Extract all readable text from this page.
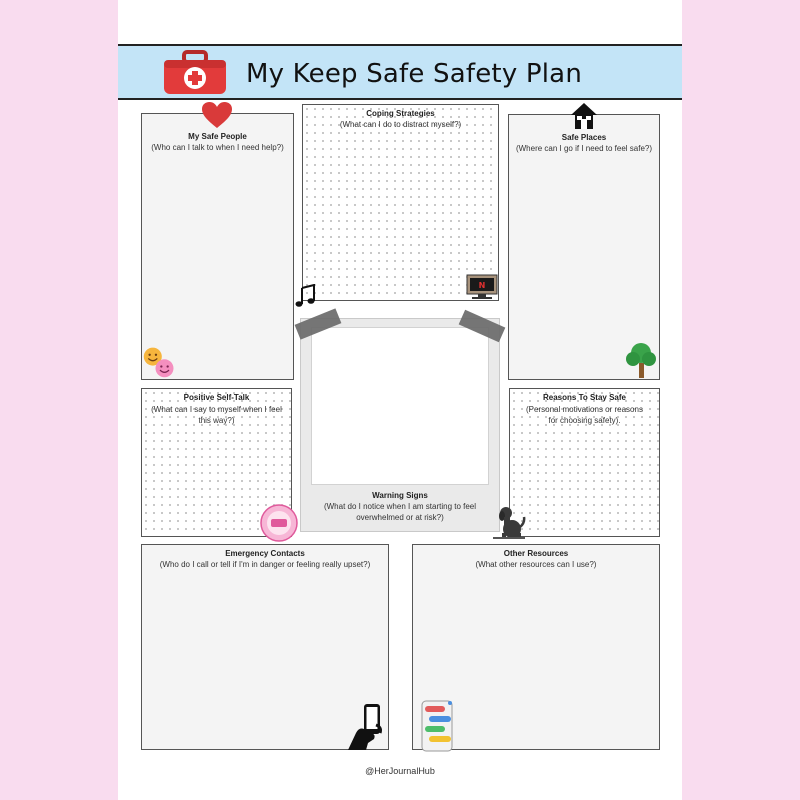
My Keep Safe Safety Plan
My Safe People
(Who can I talk to when I need help?)
Coping Strategies
(What can I do to distract myself?)
N
Safe Places
(Where can I go if I need to feel safe?)
Warning Signs
(What do I notice when I am starting to feel overwhelmed or at risk?)
Positive Self-Talk
(What can I say to myself when I feel this way?)
Reasons To Stay Safe
(Personal motivations or reasons for choosing safety).
Emergency Contacts
(Who do I call or tell if I'm in danger or feeling really upset?)
Other Resources
(What other resources can I use?)
@HerJournalHub
